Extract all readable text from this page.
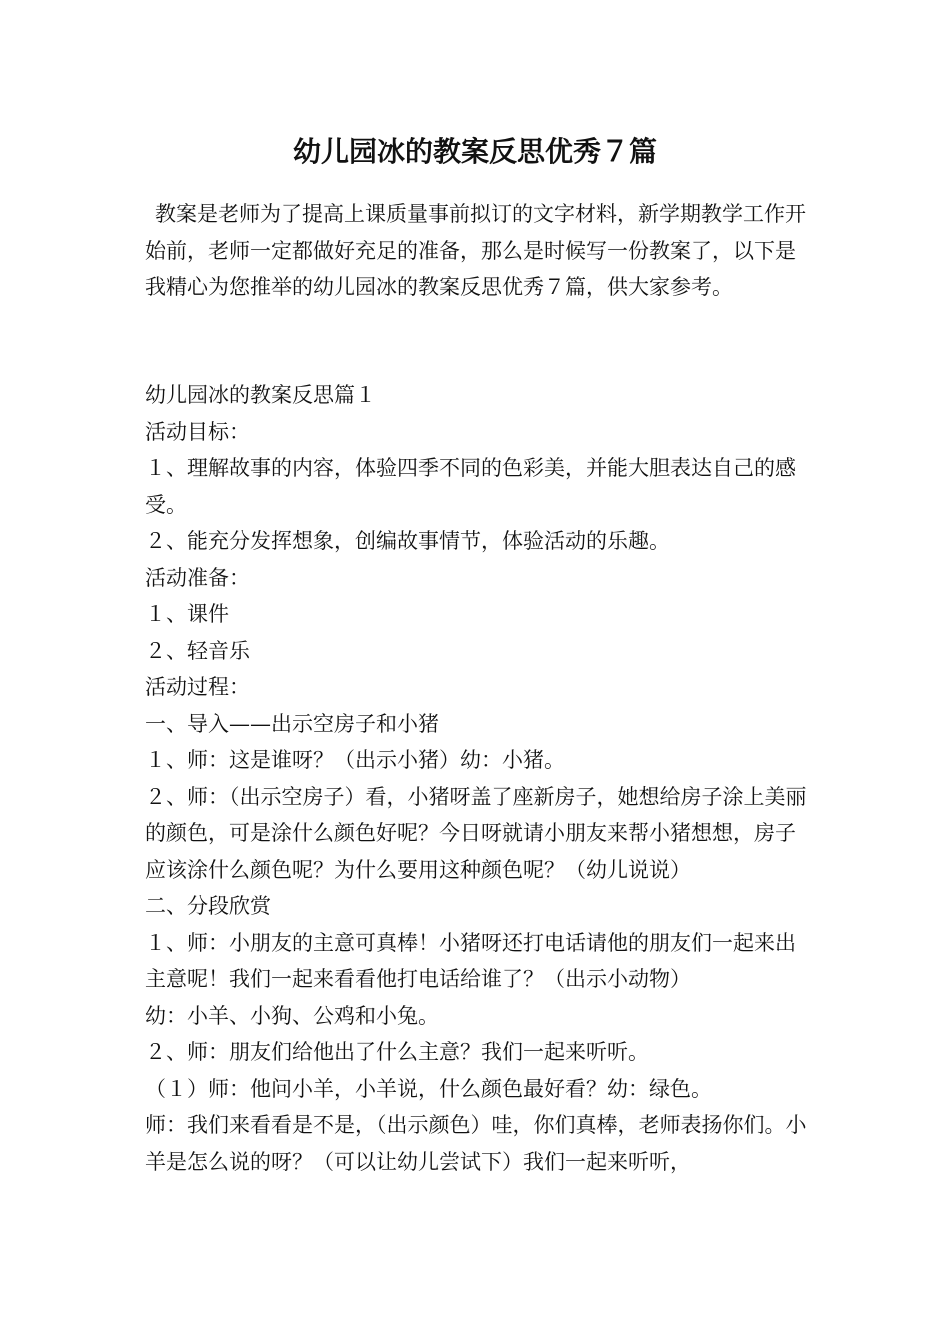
幼儿园冰的教案反思优秀７篇

教案是老师为了提高上课质量事前拟订的文字材料，新学期教学工作开始前，老师一定都做好充足的准备，那么是时候写一份教案了，以下是我精心为您推举的幼儿园冰的教案反思优秀７篇，供大家参考。

幼儿园冰的教案反思篇１
活动目标：
１、理解故事的内容，体验四季不同的色彩美，并能大胆表达自己的感受。
２、能充分发挥想象，创编故事情节，体验活动的乐趣。
活动准备：
１、课件
２、轻音乐
活动过程：
一、导入——出示空房子和小猪
１、师：这是谁呀？（出示小猪）幼：小猪。
２、师：（出示空房子）看，小猪呀盖了座新房子，她想给房子涂上美丽的颜色，可是涂什么颜色好呢？今日呀就请小朋友来帮小猪想想，房子应该涂什么颜色呢？为什么要用这种颜色呢？（幼儿说说）
二、分段欣赏
１、师：小朋友的主意可真棒！小猪呀还打电话请他的朋友们一起来出主意呢！我们一起来看看他打电话给谁了？（出示小动物）
幼：小羊、小狗、公鸡和小兔。
２、师：朋友们给他出了什么主意？我们一起来听听。
（１）师：他问小羊，小羊说，什么颜色最好看？幼：绿色。
师：我们来看看是不是，（出示颜色）哇，你们真棒，老师表扬你们。小羊是怎么说的呀？（可以让幼儿尝试下）我们一起来听听，
